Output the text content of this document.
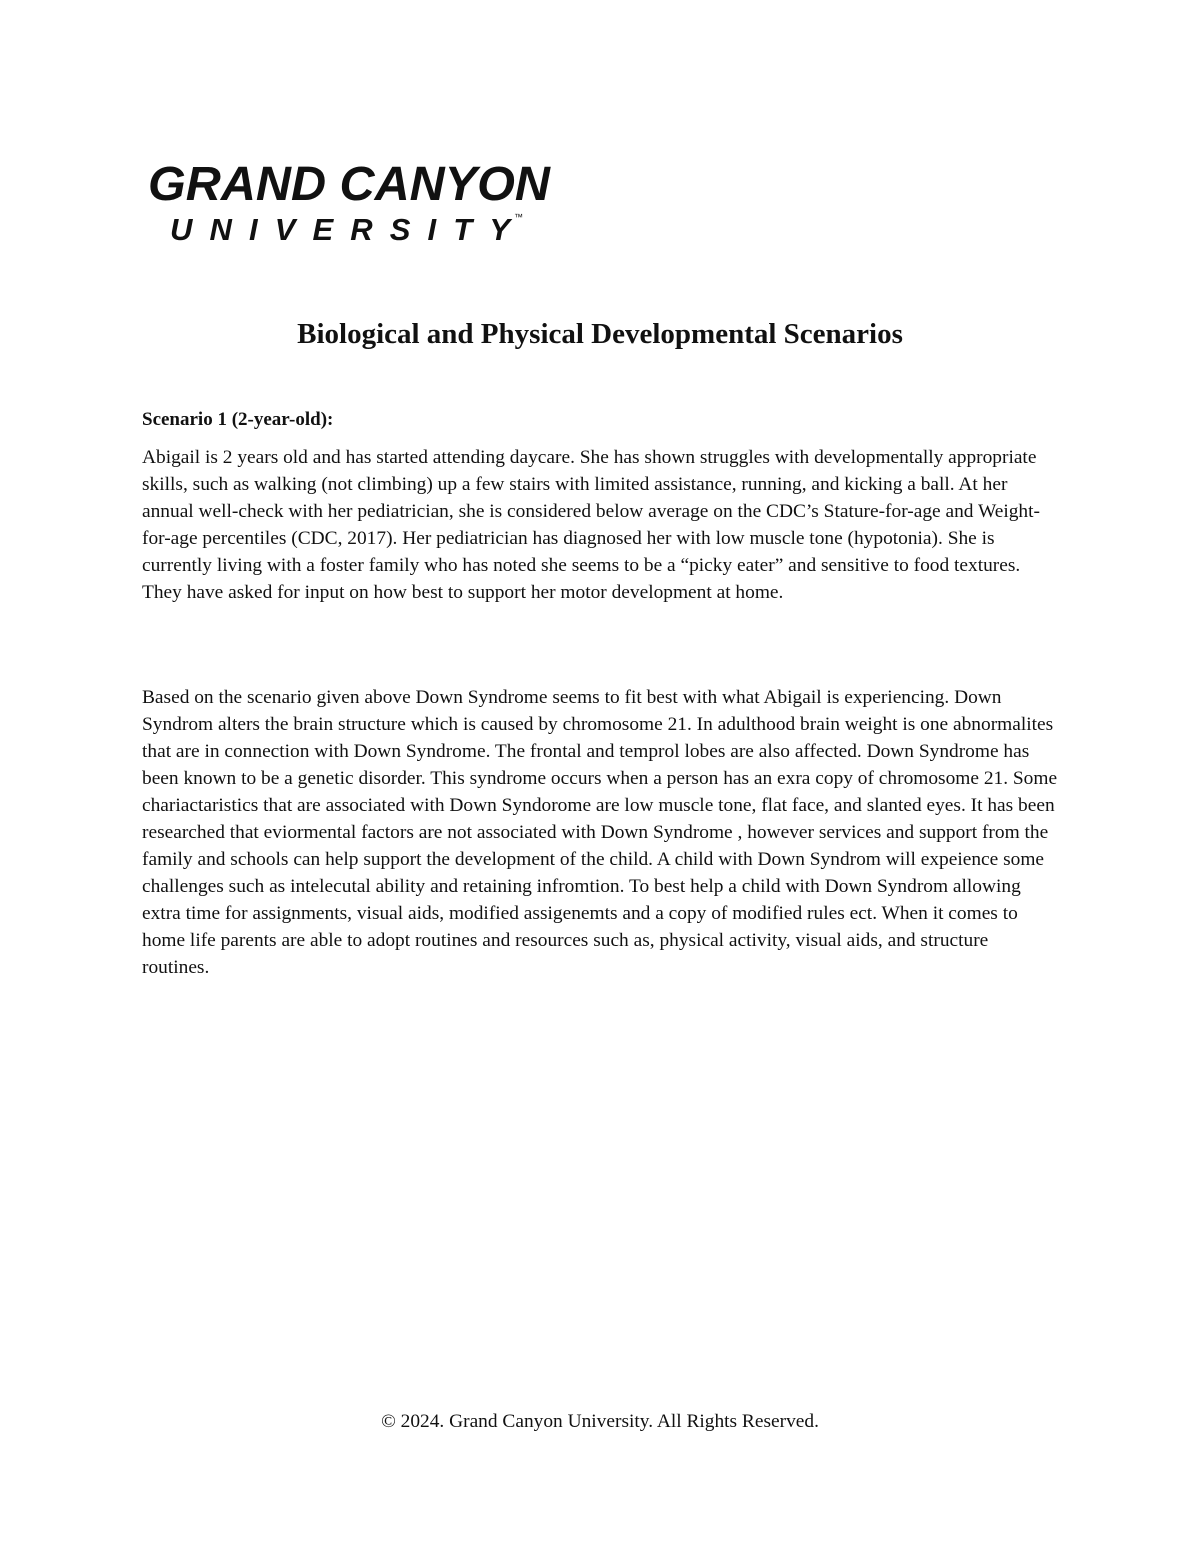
GRAND CANYON
UNIVERSITY ™
Biological and Physical Developmental Scenarios
Scenario 1 (2-year-old):

Abigail is 2 years old and has started attending daycare. She has shown struggles with developmentally appropriate skills, such as walking (not climbing) up a few stairs with limited assistance, running, and kicking a ball. At her annual well-check with her pediatrician, she is considered below average on the CDC’s Stature-for-age and Weight-for-age percentiles (CDC, 2017). Her pediatrician has diagnosed her with low muscle tone (hypotonia). She is currently living with a foster family who has noted she seems to be a “picky eater” and sensitive to food textures. They have asked for input on how best to support her motor development at home.

Based on the scenario given above Down Syndrome seems to fit best with what Abigail is experiencing. Down Syndrom alters the brain structure which is caused by chromosome 21. In adulthood brain weight is one abnormalites that are in connection with Down Syndrome. The frontal and temprol lobes are also affected. Down Syndrome has been known to be a genetic disorder. This syndrome occurs when a person has an exra copy of chromosome 21. Some chariactaristics that are associated with Down Syndorome are low muscle tone, flat face, and slanted eyes. It has been researched that eviormental factors are not associated with Down Syndrome , however services and support from the family and schools can help support the development of the child. A child with Down Syndrom will expeience some challenges such as intelecutal ability and retaining infromtion. To best help a child with Down Syndrom allowing extra time for assignments, visual aids, modified assigenemts and a copy of modified rules ect. When it comes to home life parents are able to adopt routines and resources such as, physical activity, visual aids, and structure routines.

© 2024. Grand Canyon University. All Rights Reserved.
